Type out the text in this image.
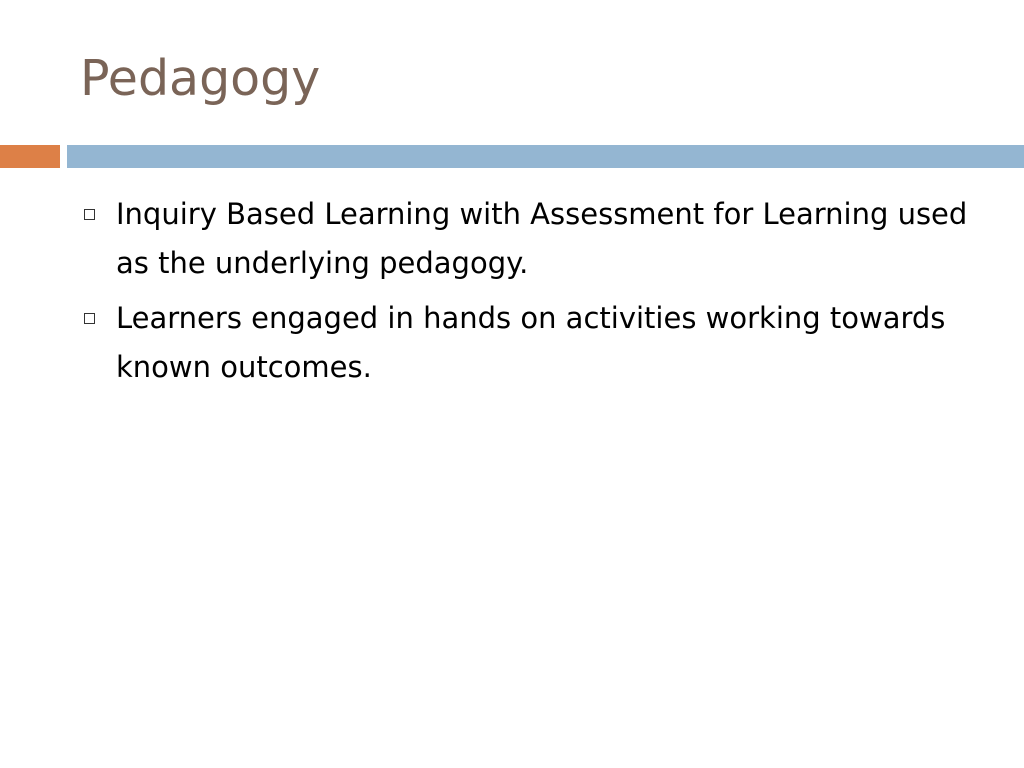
Pedagogy
Inquiry Based Learning with Assessment for Learning used as the underlying pedagogy.
Learners engaged in hands on activities working towards known outcomes.
